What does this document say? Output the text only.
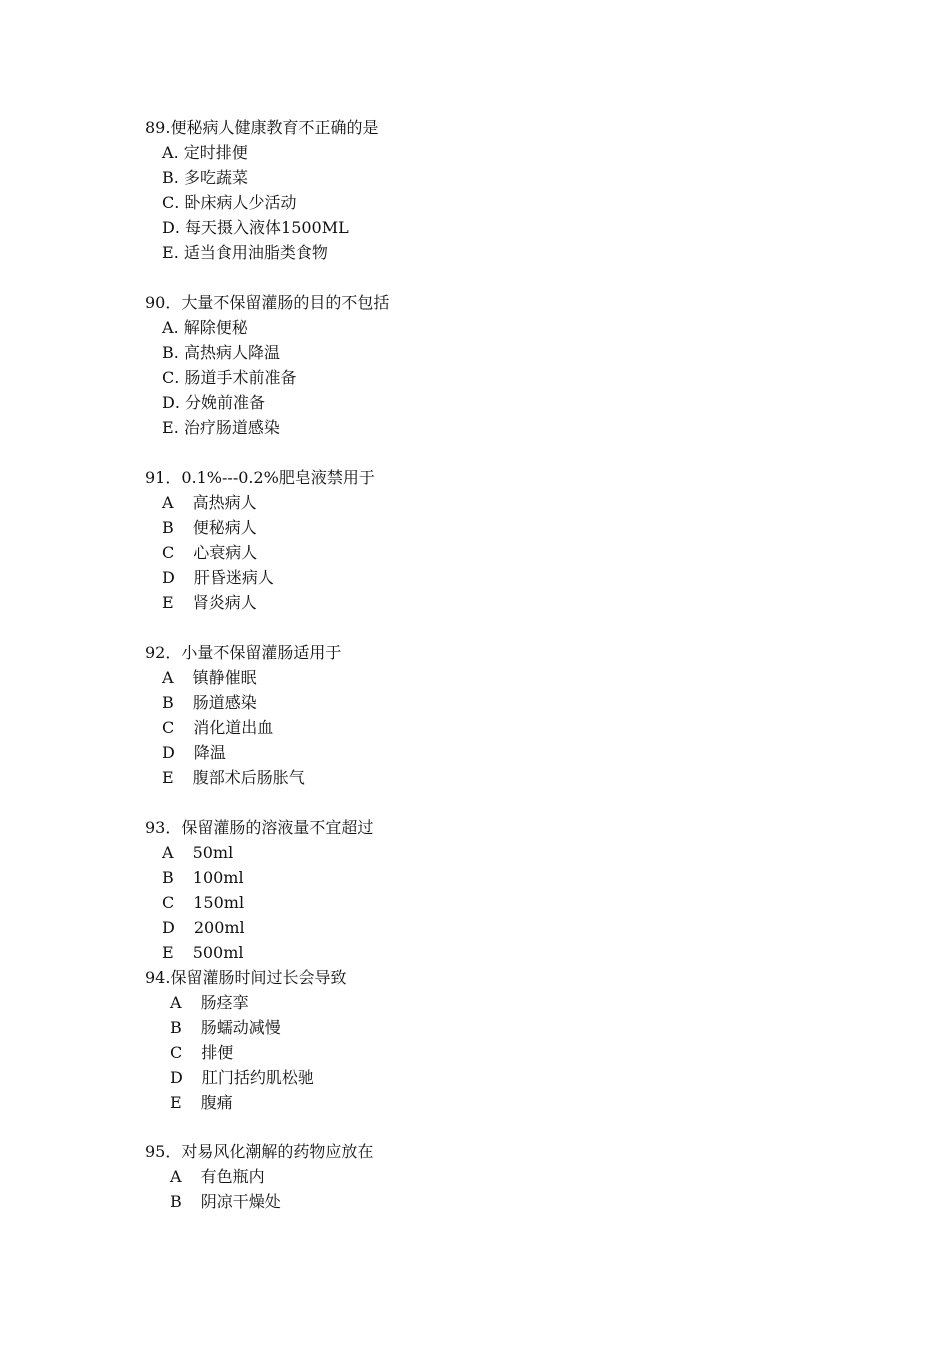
89.便秘病人健康教育不正确的是
A. 定时排便
B. 多吃蔬菜
C. 卧床病人少活动
D. 每天摄入液体1500ML
E. 适当食用油脂类食物
90．大量不保留灌肠的目的不包括
A. 解除便秘
B. 高热病人降温
C. 肠道手术前准备
D. 分娩前准备
E. 治疗肠道感染
91．0.1%---0.2%肥皂液禁用于
A 高热病人
B 便秘病人
C 心衰病人
D 肝昏迷病人
E 肾炎病人
92．小量不保留灌肠适用于
A 镇静催眠
B 肠道感染
C 消化道出血
D 降温
E 腹部术后肠胀气
93．保留灌肠的溶液量不宜超过
A 50ml
B 100ml
C 150ml
D 200ml
E 500ml
94.保留灌肠时间过长会导致
A 肠痉挛
B 肠蠕动减慢
C 排便
D 肛门括约肌松驰
E 腹痛
95．对易风化潮解的药物应放在
A 有色瓶内
B 阴凉干燥处
